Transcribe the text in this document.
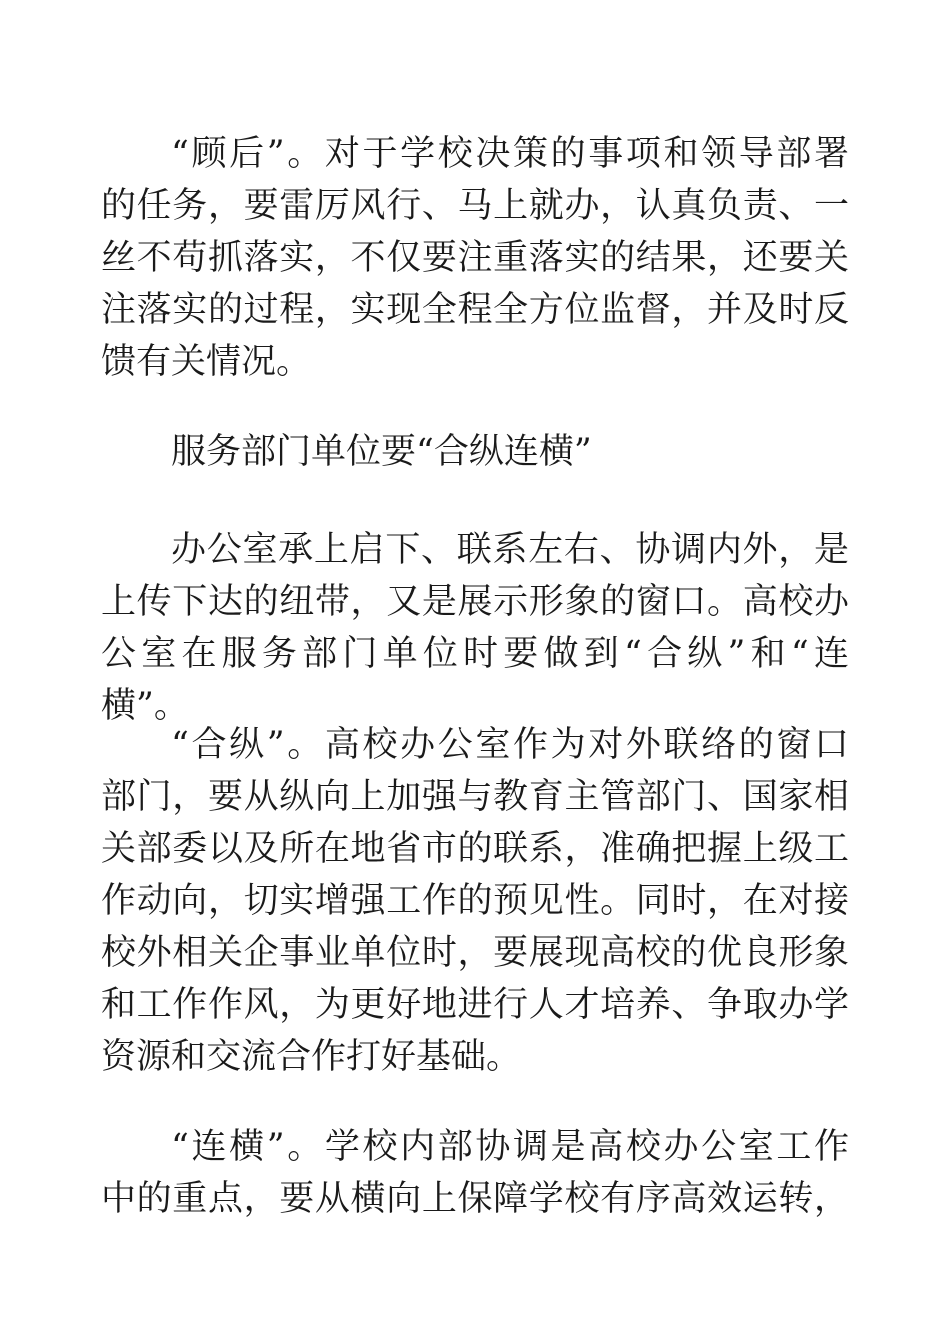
“顾后”。对于学校决策的事项和领导部署
的任务，要雷厉风行、马上就办，认真负责、一
丝不苟抓落实，不仅要注重落实的结果，还要关
注落实的过程，实现全程全方位监督，并及时反
馈有关情况。
服务部门单位要“合纵连横”
办公室承上启下、联系左右、协调内外，是
上传下达的纽带，又是展示形象的窗口。高校办
公室在服务部门单位时要做到“合纵”和“连
横”。
“合纵”。高校办公室作为对外联络的窗口
部门，要从纵向上加强与教育主管部门、国家相
关部委以及所在地省市的联系，准确把握上级工
作动向，切实增强工作的预见性。同时，在对接
校外相关企事业单位时，要展现高校的优良形象
和工作作风，为更好地进行人才培养、争取办学
资源和交流合作打好基础。
“连横”。学校内部协调是高校办公室工作
中的重点，要从横向上保障学校有序高效运转，
